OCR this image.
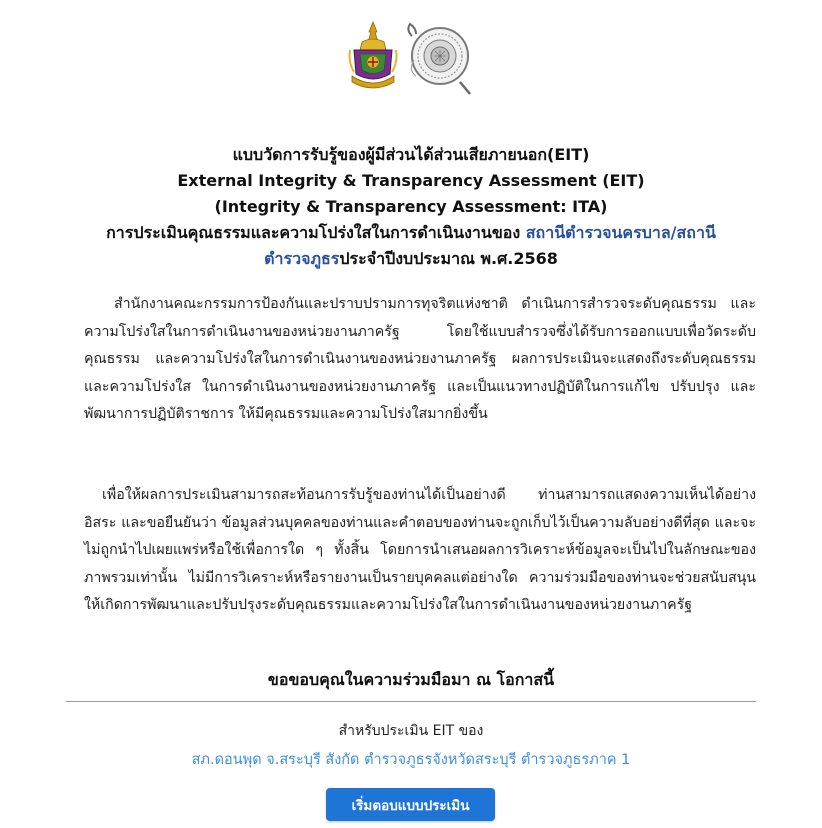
แบบวัดการรับรู้ของผู้มีส่วนได้ส่วนเสียภายนอก(EIT)
External Integrity & Transparency Assessment (EIT)
(Integrity & Transparency Assessment: ITA)
การประเมินคุณธรรมและความโปร่งใสในการดำเนินงานของ สถานีตำรวจนครบาล/สถานี
ตำรวจภูธรประจำปีงบประมาณ พ.ศ.2568
สำนักงานคณะกรรมการป้องกันและปราบปรามการทุจริตแห่งชาติ ดำเนินการสำรวจระดับคุณธรรม และความโปร่งใสในการดำเนินงานของหน่วยงานภาครัฐ โดยใช้แบบสำรวจซึ่งได้รับการออกแบบเพื่อวัดระดับคุณธรรม และความโปร่งใสในการดำเนินงานของหน่วยงานภาครัฐ ผลการประเมินจะแสดงถึงระดับคุณธรรมและความโปร่งใส ในการดำเนินงานของหน่วยงานภาครัฐ และเป็นแนวทางปฏิบัติในการแก้ไข ปรับปรุง และพัฒนาการปฏิบัติราชการ ให้มีคุณธรรมและความโปร่งใสมากยิ่งขึ้น
เพื่อให้ผลการประเมินสามารถสะท้อนการรับรู้ของท่านได้เป็นอย่างดี ท่านสามารถแสดงความเห็นได้อย่างอิสระ และขอยืนยันว่า ข้อมูลส่วนบุคคลของท่านและคำตอบของท่านจะถูกเก็บไว้เป็นความลับอย่างดีที่สุด และจะไม่ถูกนำไปเผยแพร่หรือใช้เพื่อการใด ๆ ทั้งสิ้น โดยการนำเสนอผลการวิเคราะห์ข้อมูลจะเป็นไปในลักษณะของภาพรวมเท่านั้น ไม่มีการวิเคราะห์หรือรายงานเป็นรายบุคคลแต่อย่างใด ความร่วมมือของท่านจะช่วยสนับสนุนให้เกิดการพัฒนาและปรับปรุงระดับคุณธรรมและความโปร่งใสในการดำเนินงานของหน่วยงานภาครัฐ
ขอขอบคุณในความร่วมมือมา ณ โอกาสนี้
สำหรับประเมิน EIT ของ
สภ.ดอนพุด จ.สระบุรี สังกัด ตำรวจภูธรจังหวัดสระบุรี ตำรวจภูธรภาค 1
เริ่มตอบแบบประเมิน
